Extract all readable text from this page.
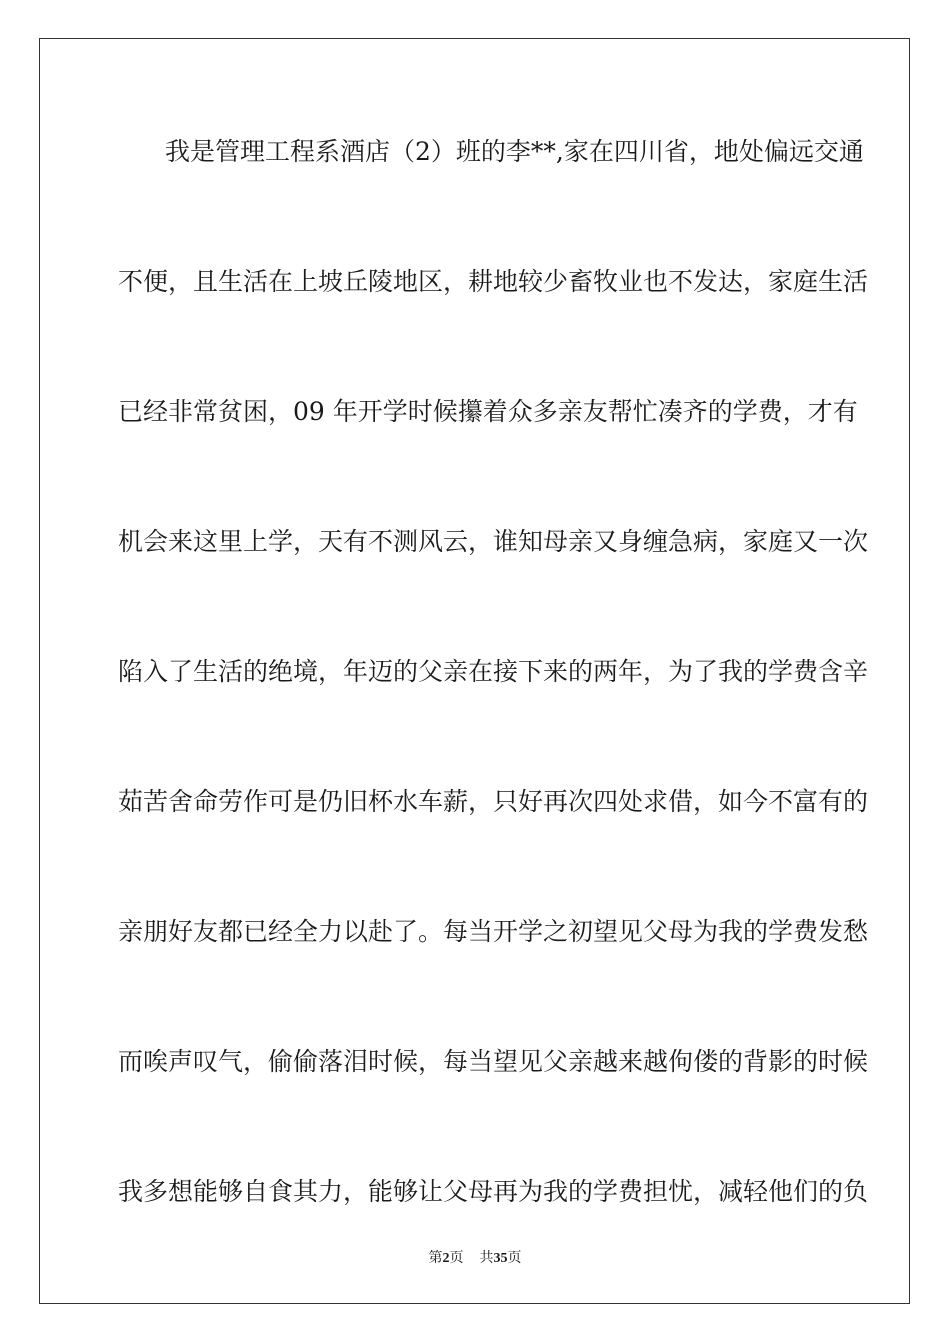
我是管理工程系酒店（2）班的李**,家在四川省，地处偏远交通
不便，且生活在上坡丘陵地区，耕地较少畜牧业也不发达，家庭生活
已经非常贫困，09 年开学时候攥着众多亲友帮忙凑齐的学费，才有
机会来这里上学，天有不测风云，谁知母亲又身缠急病，家庭又一次
陷入了生活的绝境，年迈的父亲在接下来的两年，为了我的学费含辛
茹苦舍命劳作可是仍旧杯水车薪，只好再次四处求借，如今不富有的
亲朋好友都已经全力以赴了。每当开学之初望见父母为我的学费发愁
而唉声叹气，偷偷落泪时候，每当望见父亲越来越佝偻的背影的时候
我多想能够自食其力，能够让父母再为我的学费担忧，减轻他们的负
第2页 共35页
